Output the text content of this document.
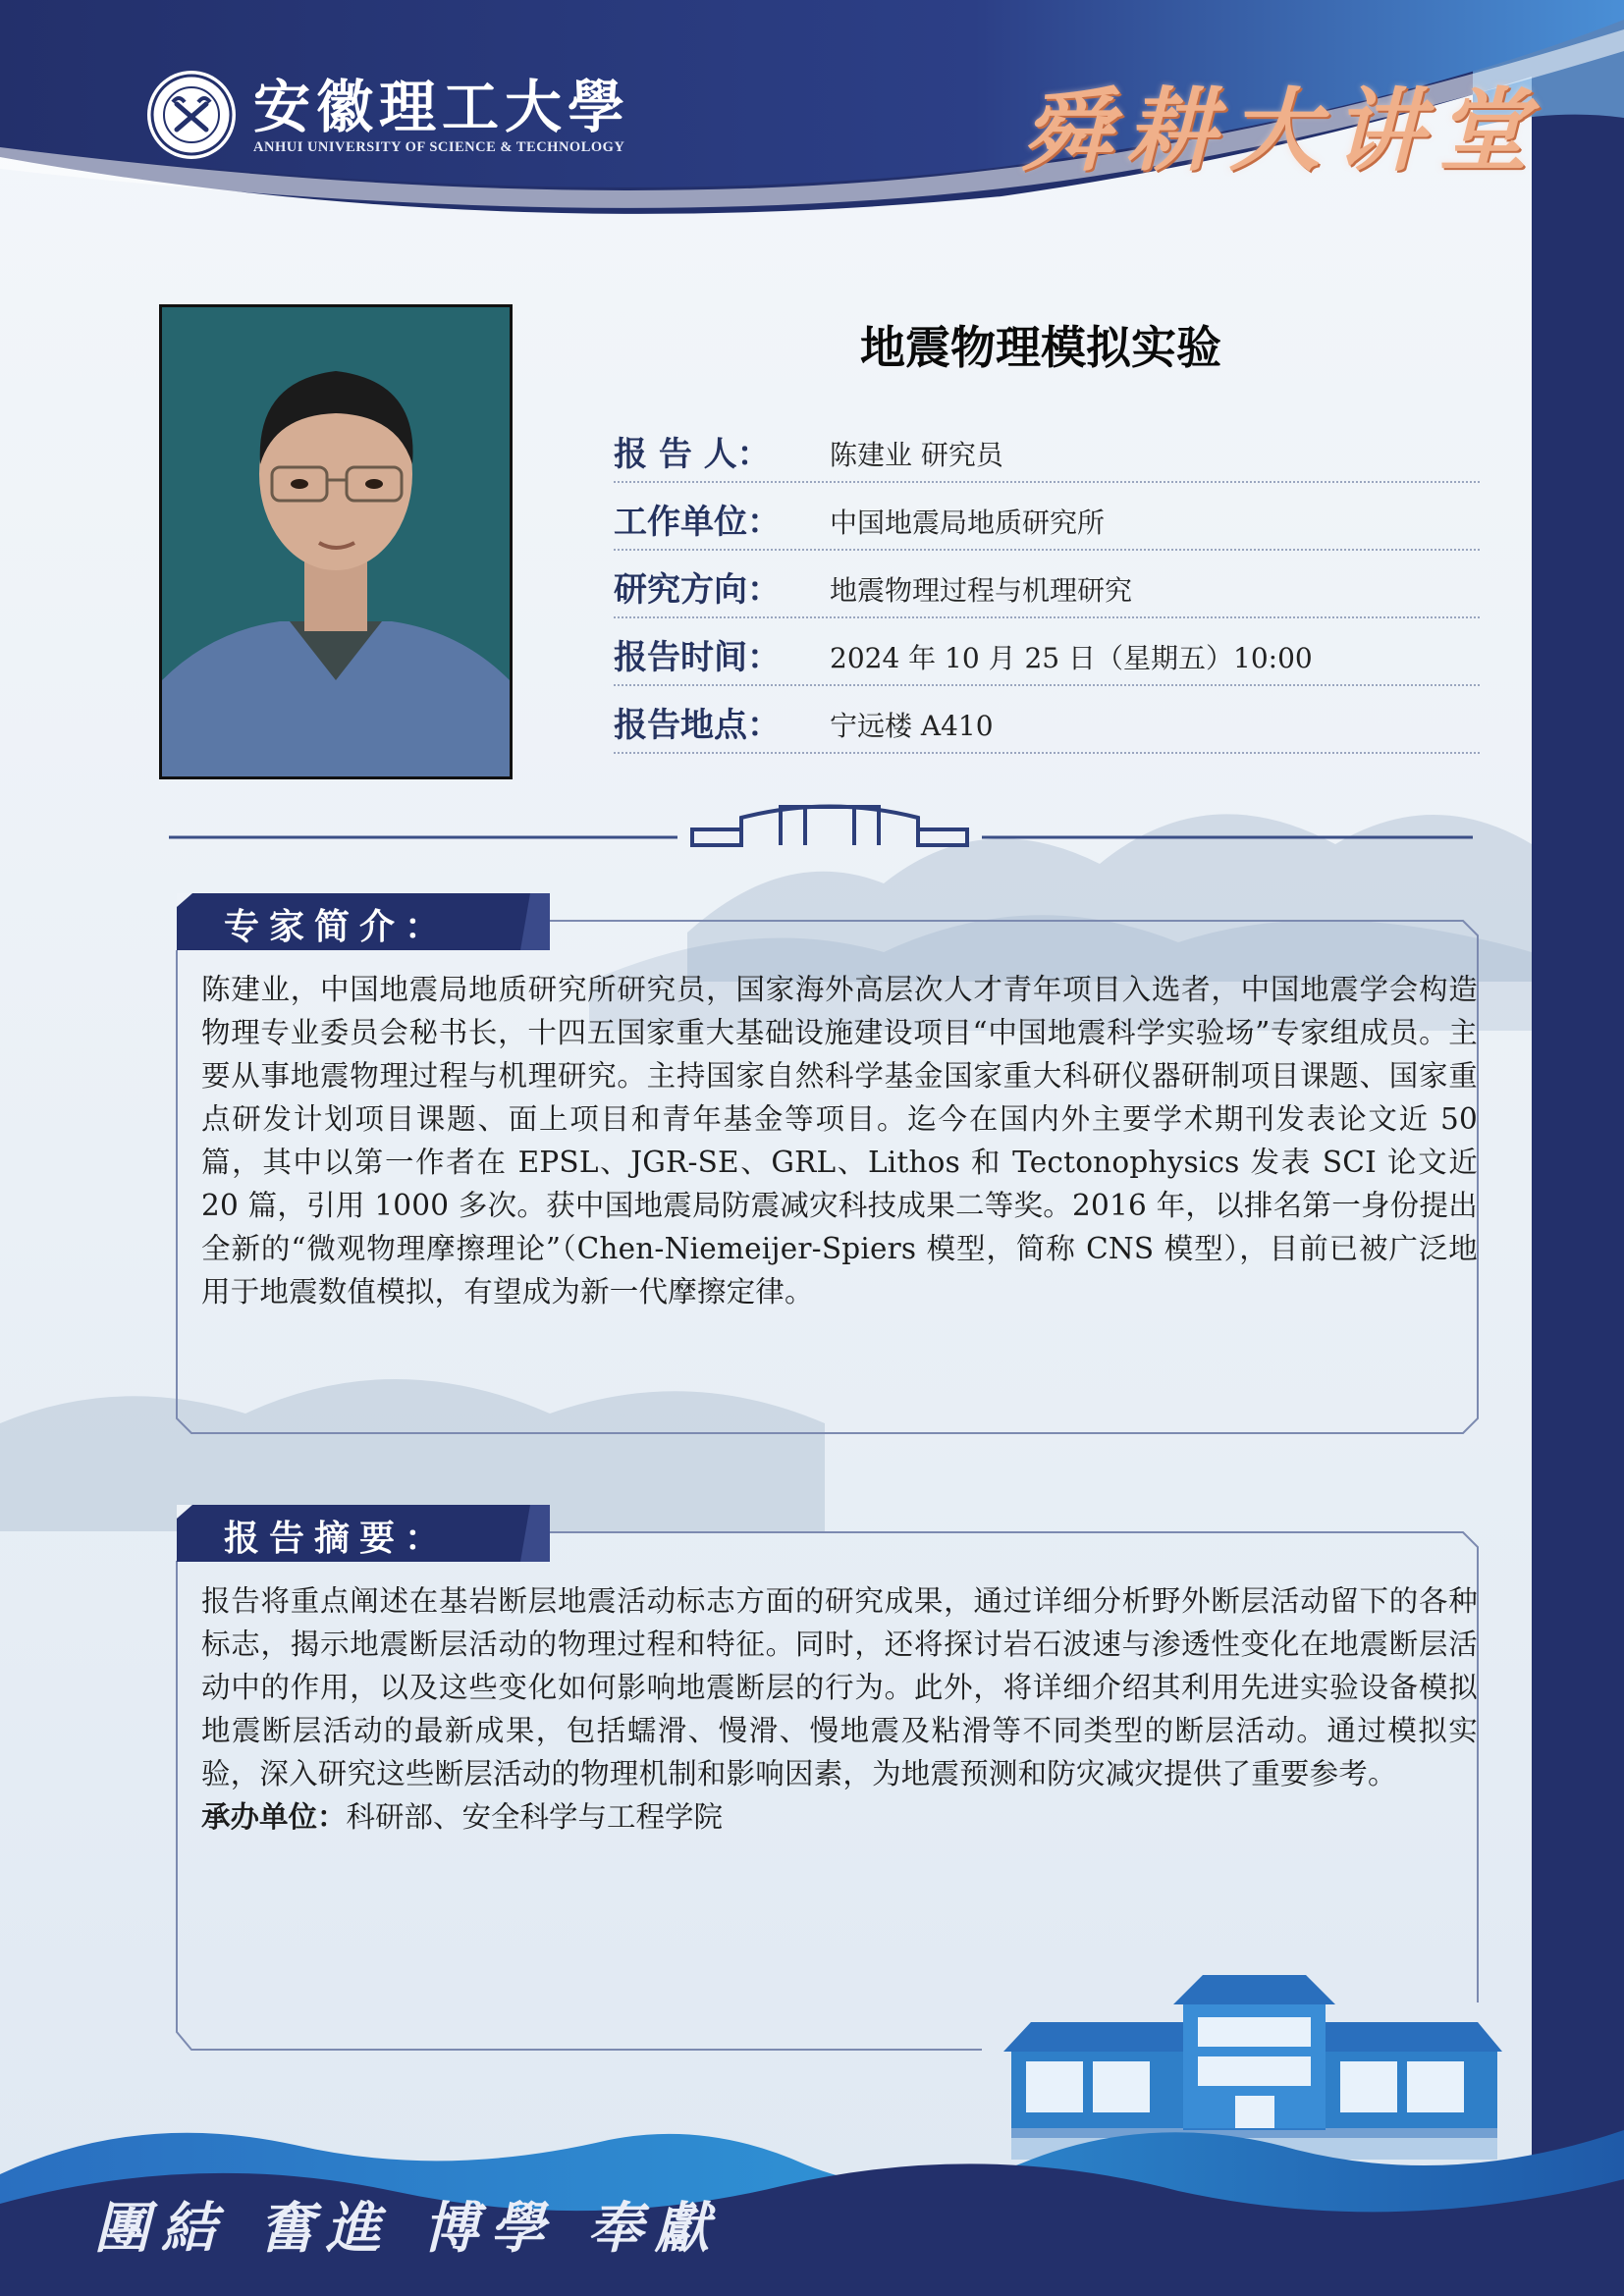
安徽理工大學
ANHUI UNIVERSITY OF SCIENCE & TECHNOLOGY	舜耕大讲堂
地震物理模拟实验
报 告 人：	陈建业 研究员
工作单位：	中国地震局地质研究所
研究方向：	地震物理过程与机理研究
报告时间：	2024 年 10 月 25 日（星期五）10:00
报告地点：	宁远楼 A410
专家简介：

陈建业，中国地震局地质研究所研究员，国家海外高层次人才青年项目入选者，中国地震学会构造物理专业委员会秘书长，十四五国家重大基础设施建设项目“中国地震科学实验场”专家组成员。主要从事地震物理过程与机理研究。主持国家自然科学基金国家重大科研仪器研制项目课题、国家重点研发计划项目课题、面上项目和青年基金等项目。迄今在国内外主要学术期刊发表论文近 50 篇，其中以第一作者在 EPSL、JGR-SE、GRL、Lithos 和 Tectonophysics 发表 SCI 论文近 20 篇，引用 1000 多次。获中国地震局防震减灾科技成果二等奖。2016 年，以排名第一身份提出全新的“微观物理摩擦理论”（Chen-Niemeijer-Spiers 模型，简称 CNS 模型），目前已被广泛地用于地震数值模拟，有望成为新一代摩擦定律。

报告摘要：

报告将重点阐述在基岩断层地震活动标志方面的研究成果，通过详细分析野外断层活动留下的各种标志，揭示地震断层活动的物理过程和特征。同时，还将探讨岩石波速与渗透性变化在地震断层活动中的作用，以及这些变化如何影响地震断层的行为。此外，将详细介绍其利用先进实验设备模拟地震断层活动的最新成果，包括蠕滑、慢滑、慢地震及粘滑等不同类型的断层活动。通过模拟实验，深入研究这些断层活动的物理机制和影响因素，为地震预测和防灾减灾提供了重要参考。

承办单位：科研部、安全科学与工程学院
團結 奮進 博學 奉獻
